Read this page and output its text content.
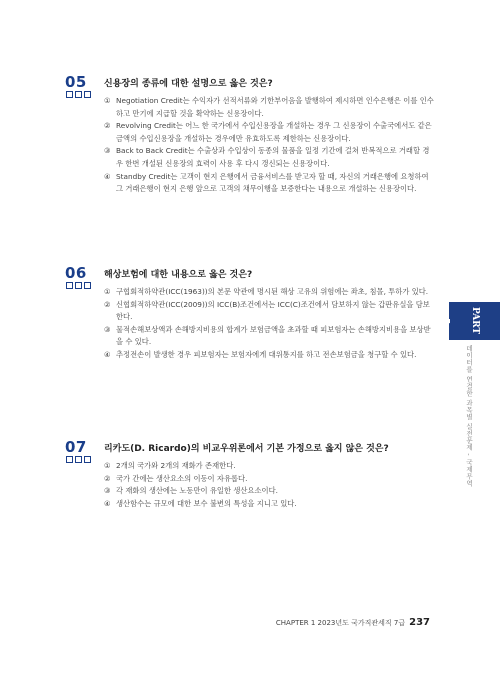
05 신용장의 종류에 대한 설명으로 옳은 것은?
① Negotiation Credit는 수익자가 선적서류와 기한부어음을 발행하여 제시하면 인수은행은 이를 인수하고 만기에 지급할 것을 확약하는 신용장이다.
② Revolving Credit는 어느 한 국가에서 수입신용장을 개설하는 경우 그 신용장이 수출국에서도 같은 금액의 수입신용장을 개설하는 경우에만 유효하도록 제한하는 신용장이다.
③ Back to Back Credit는 수출상과 수입상이 동종의 물품을 일정 기간에 걸쳐 반복적으로 거래할 경우 한번 개설된 신용장의 효력이 사용 후 다시 갱신되는 신용장이다.
④ Standby Credit는 고객이 현지 은행에서 금융서비스를 받고자 할 때, 자신의 거래은행에 요청하여 그 거래은행이 현지 은행 앞으로 고객의 채무이행을 보증한다는 내용으로 개설하는 신용장이다.
06 해상보험에 대한 내용으로 옳은 것은?
① 구협회적하약관(ICC(1963))의 본문 약관에 명시된 해상 고유의 위험에는 좌초, 침몰, 투하가 있다.
② 신협회적하약관(ICC(2009))의 ICC(B)조건에서는 ICC(C)조건에서 담보하지 않는 갑판유실을 담보한다.
③ 물적손해보상액과 손해방지비용의 합계가 보험금액을 초과할 때 피보험자는 손해방지비용을 보상받을 수 있다.
④ 추정전손이 발생한 경우 피보험자는 보험자에게 대위통지를 하고 전손보험금을 청구할 수 있다.
07 리카도(D. Ricardo)의 비교우위론에서 기본 가정으로 옳지 않은 것은?
① 2개의 국가와 2개의 재화가 존재한다.
② 국가 간에는 생산요소의 이동이 자유롭다.
③ 각 재화의 생산에는 노동만이 유일한 생산요소이다.
④ 생산함수는 규모에 대한 보수 불변의 특성을 지니고 있다.
PART 5
데이터를 연결한 과목별 실전문제 - 국제무역
CHAPTER 1 2023년도 국가직관세직 7급 237
